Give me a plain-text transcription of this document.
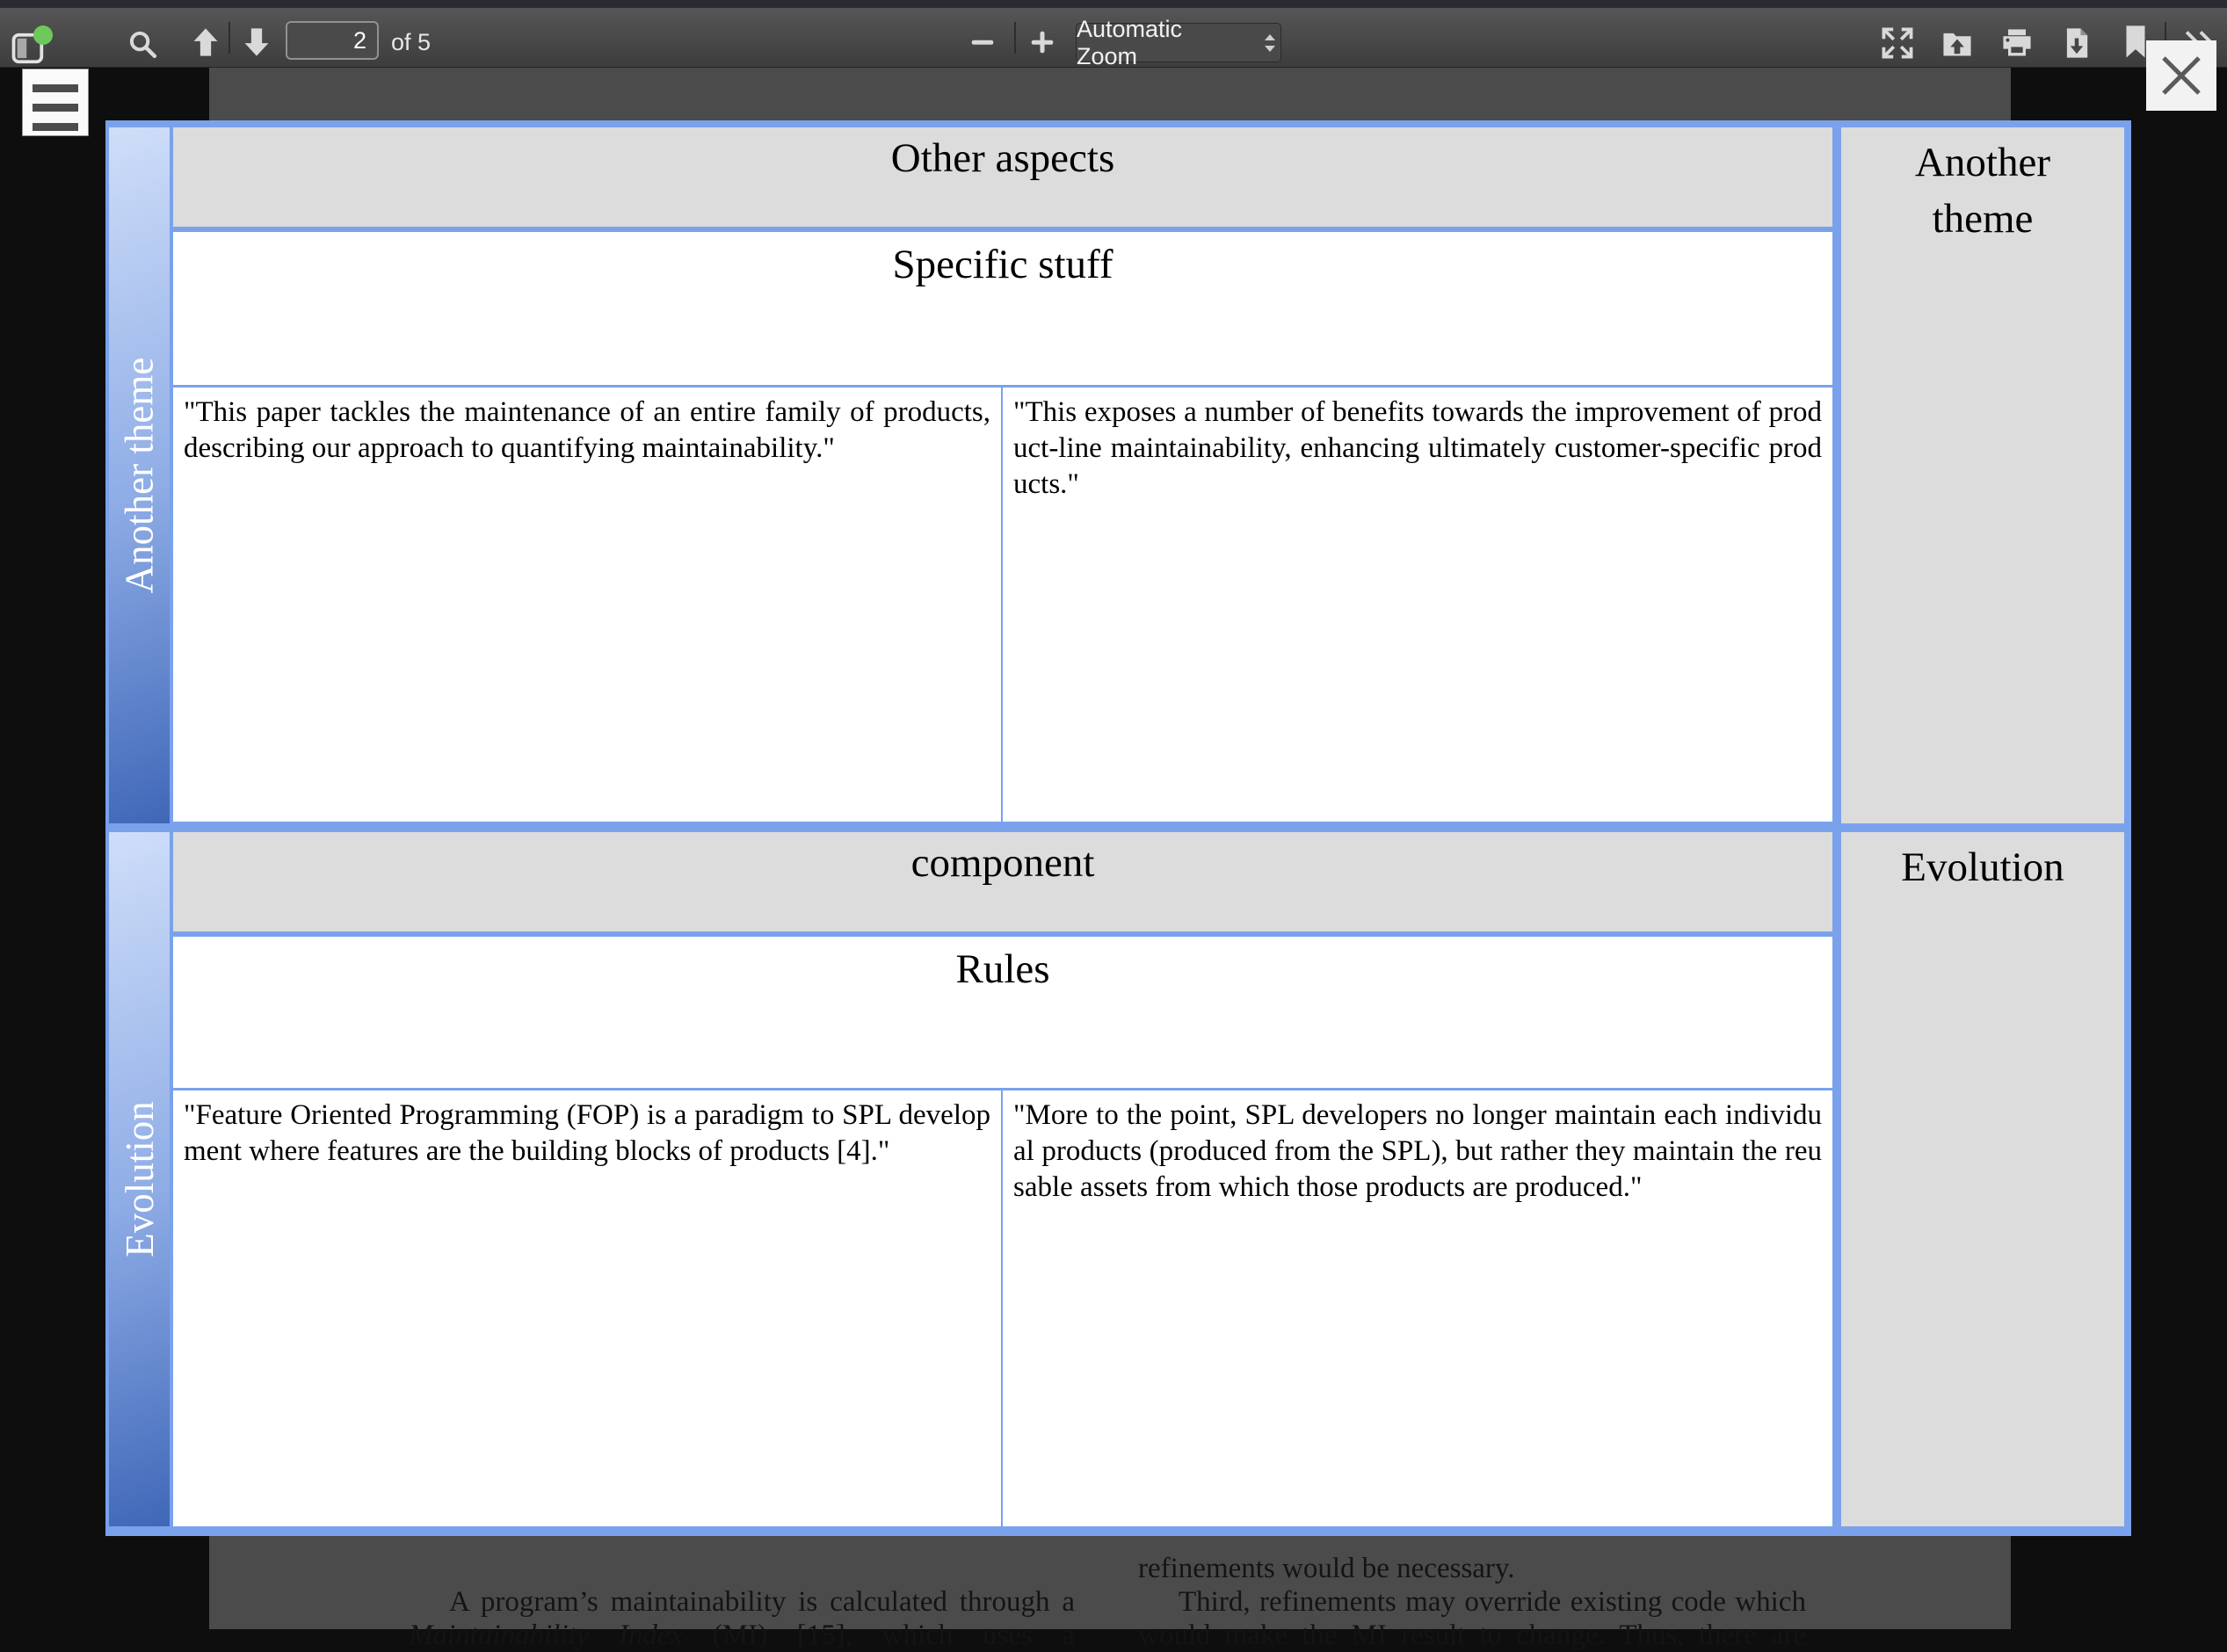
2
of 5
Automatic Zoom
A program’s maintainability is calculated through a
Maintainability Index (MI) [15], which uses a
refinements would be necessary.
Third, refinements may override existing code which
would make the MI result to change. Thus, there are
Another theme
Other aspects
Specific stuff
"This paper tackles the maintenance of an entire family of products, describing our approach to quantifying maintainability."
"This exposes a number of benefits towards the improvement of product-line maintainability, enhancing ultimately customer-specific products."
Another theme
Evolution
component
Rules
"Feature Oriented Programming (FOP) is a paradigm to SPL development where features are the building blocks of products [4]."
"More to the point, SPL developers no longer maintain each individual products (produced from the SPL), but rather they maintain the reusable assets from which those products are produced."
Evolution
